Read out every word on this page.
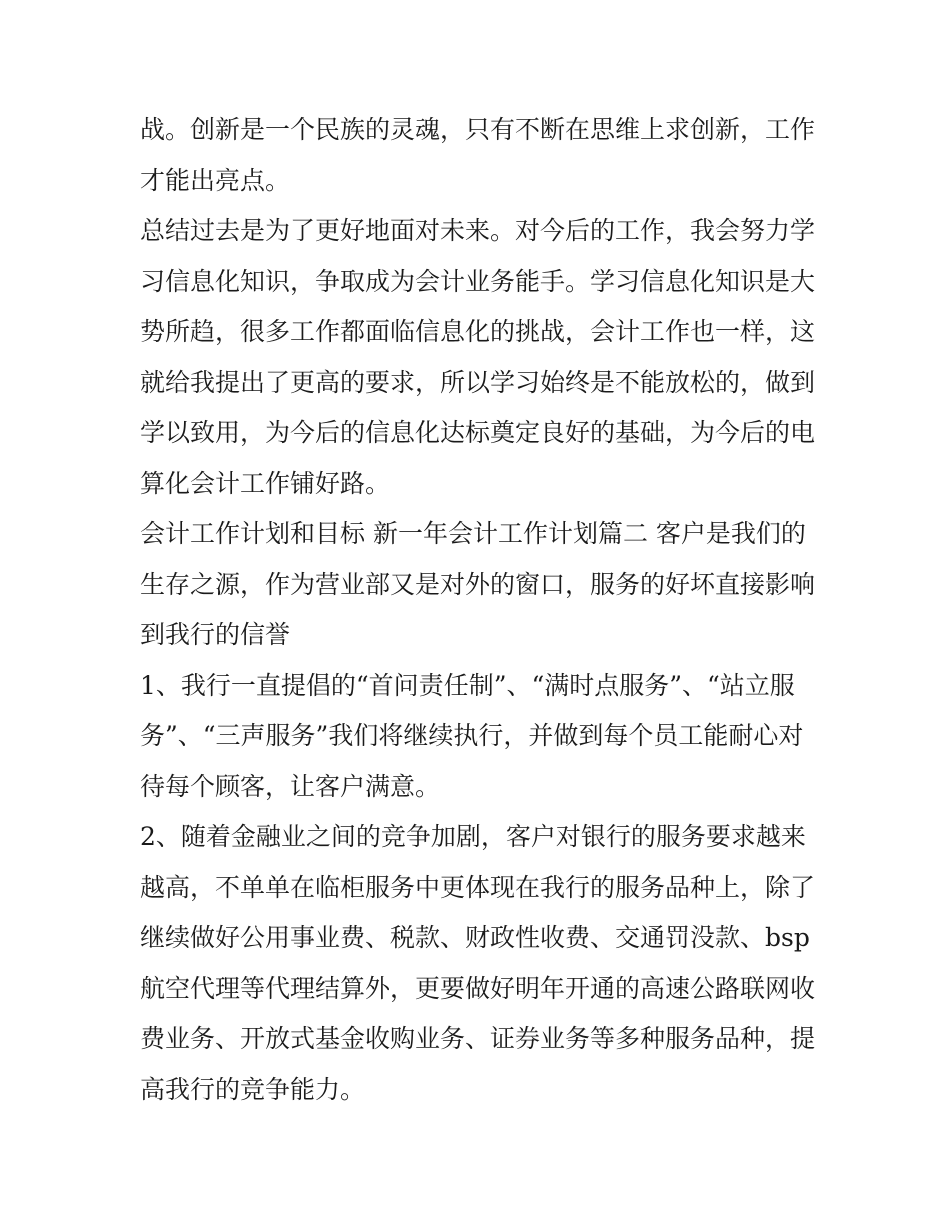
战。创新是一个民族的灵魂，只有不断在思维上求创新，工作
才能出亮点。
总结过去是为了更好地面对未来。对今后的工作，我会努力学
习信息化知识，争取成为会计业务能手。学习信息化知识是大
势所趋，很多工作都面临信息化的挑战，会计工作也一样，这
就给我提出了更高的要求，所以学习始终是不能放松的，做到
学以致用，为今后的信息化达标奠定良好的基础，为今后的电
算化会计工作铺好路。
会计工作计划和目标 新一年会计工作计划篇二 客户是我们的
生存之源，作为营业部又是对外的窗口，服务的好坏直接影响
到我行的信誉
1、我行一直提倡的“首问责任制”、“满时点服务”、“站立服
务”、“三声服务”我们将继续执行，并做到每个员工能耐心对
待每个顾客，让客户满意。
2、随着金融业之间的竞争加剧，客户对银行的服务要求越来
越高，不单单在临柜服务中更体现在我行的服务品种上，除了
继续做好公用事业费、税款、财政性收费、交通罚没款、bsp
航空代理等代理结算外，更要做好明年开通的高速公路联网收
费业务、开放式基金收购业务、证券业务等多种服务品种，提
高我行的竞争能力。
